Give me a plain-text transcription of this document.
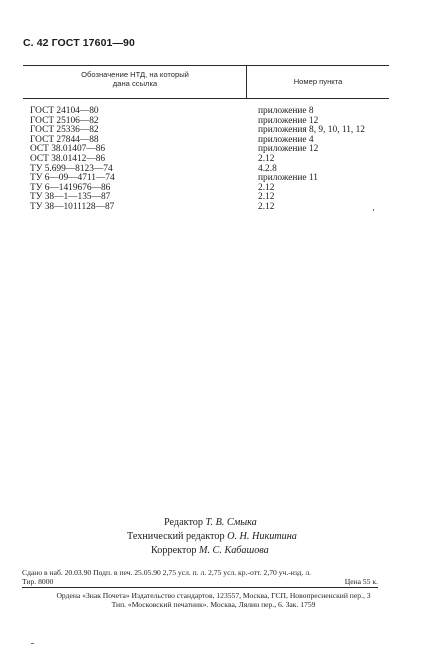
С. 42 ГОСТ 17601—90
Обозначение НТД, на который
дана ссылка	Номер пункта
ГОСТ 24104—80	приложение 8
ГОСТ 25106—82	приложение 12
ГОСТ 25336—82	приложения 8, 9, 10, 11, 12
ГОСТ 27844—88	приложение 4
ОСТ 38.01407—86	приложение 12
ОСТ 38.01412—86	2.12
ТУ 5.699—8123—74	4.2.8
ТУ 6—09—4711—74	приложение 11
ТУ 6—1419676—86	2.12
ТУ 38—1—135—87	2.12
ТУ 38—1011128—87	2.12
Редактор Т. В. Смыка
Технический редактор О. Н. Никитина
Корректор М. С. Кабашова
Сдано в наб. 20.03.90 Подп. в печ. 25.05.90 2,75 усл. п. л. 2,75 усл. кр.-отт. 2,70 уч.-изд. л.
Тир. 8000	Цена 55 к.
Ордена «Знак Почета» Издательство стандартов, 123557, Москва, ГСП, Новопресненский пер., 3
Тип. «Московский печатник». Москва, Лялин пер., 6. Зак. 1759
